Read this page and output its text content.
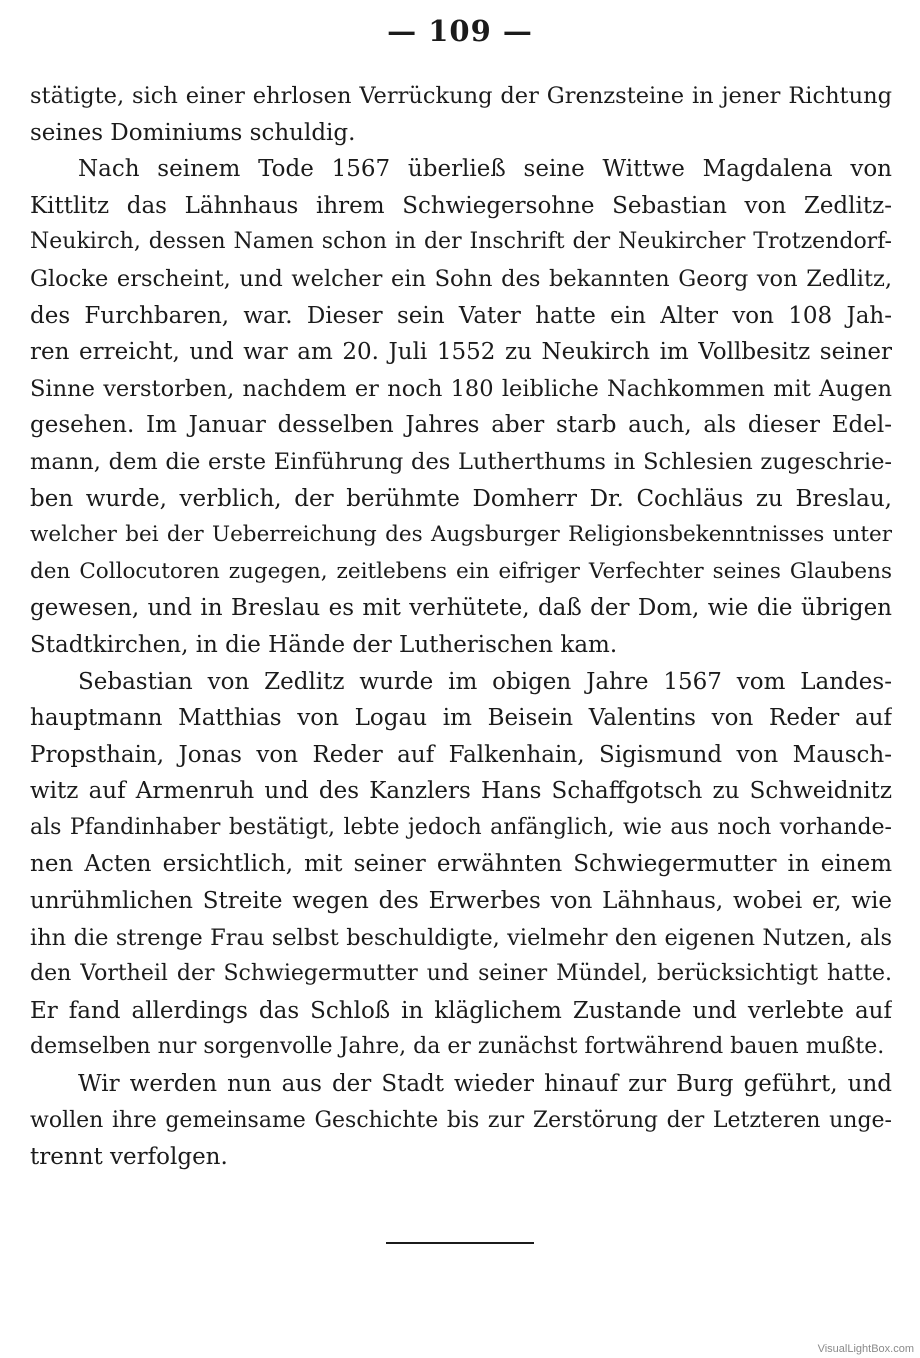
— 109 —
stätigte, sich einer ehrlosen Verrückung der Grenzsteine in jener Richtung
seines Dominiums schuldig.
Nach seinem Tode 1567 überließ seine Wittwe Magdalena von
Kittlitz das Lähnhaus ihrem Schwiegersohne Sebastian von Zedlitz-
Neukirch, dessen Namen schon in der Inschrift der Neukircher Trotzendorf-
Glocke erscheint, und welcher ein Sohn des bekannten Georg von Zedlitz,
des Furchbaren, war. Dieser sein Vater hatte ein Alter von 108 Jah-
ren erreicht, und war am 20. Juli 1552 zu Neukirch im Vollbesitz seiner
Sinne verstorben, nachdem er noch 180 leibliche Nachkommen mit Augen
gesehen. Im Januar desselben Jahres aber starb auch, als dieser Edel-
mann, dem die erste Einführung des Lutherthums in Schlesien zugeschrie-
ben wurde, verblich, der berühmte Domherr Dr. Cochläus zu Breslau,
welcher bei der Ueberreichung des Augsburger Religionsbekenntnisses unter
den Collocutoren zugegen, zeitlebens ein eifriger Verfechter seines Glaubens
gewesen, und in Breslau es mit verhütete, daß der Dom, wie die übrigen
Stadtkirchen, in die Hände der Lutherischen kam.
Sebastian von Zedlitz wurde im obigen Jahre 1567 vom Landes-
hauptmann Matthias von Logau im Beisein Valentins von Reder auf
Propsthain, Jonas von Reder auf Falkenhain, Sigismund von Mausch-
witz auf Armenruh und des Kanzlers Hans Schaffgotsch zu Schweidnitz
als Pfandinhaber bestätigt, lebte jedoch anfänglich, wie aus noch vorhande-
nen Acten ersichtlich, mit seiner erwähnten Schwiegermutter in einem
unrühmlichen Streite wegen des Erwerbes von Lähnhaus, wobei er, wie
ihn die strenge Frau selbst beschuldigte, vielmehr den eigenen Nutzen, als
den Vortheil der Schwiegermutter und seiner Mündel, berücksichtigt hatte.
Er fand allerdings das Schloß in kläglichem Zustande und verlebte auf
demselben nur sorgenvolle Jahre, da er zunächst fortwährend bauen mußte.
Wir werden nun aus der Stadt wieder hinauf zur Burg geführt, und
wollen ihre gemeinsame Geschichte bis zur Zerstörung der Letzteren unge-
trennt verfolgen.
VisualLightBox.com
